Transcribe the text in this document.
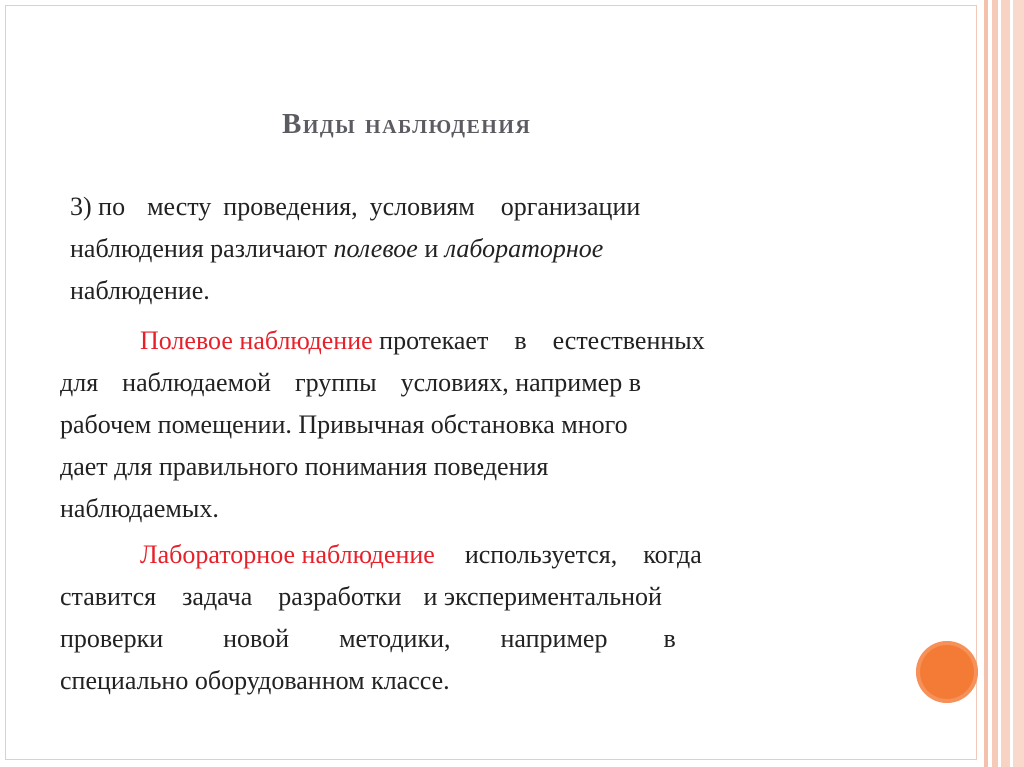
Виды наблюдения

3) по месту проведения, условиям организации
наблюдения различают полевое и лабораторное
наблюдение.

Полевое наблюдение протекает в естественных
для наблюдаемой группы условиях, например в
рабочем помещении. Привычная обстановка много
дает для правильного понимания поведения
наблюдаемых.

Лабораторное наблюдение используется, когда
ставится задача разработки и экспериментальной
проверки новой методики, например в
специально оборудованном классе.
